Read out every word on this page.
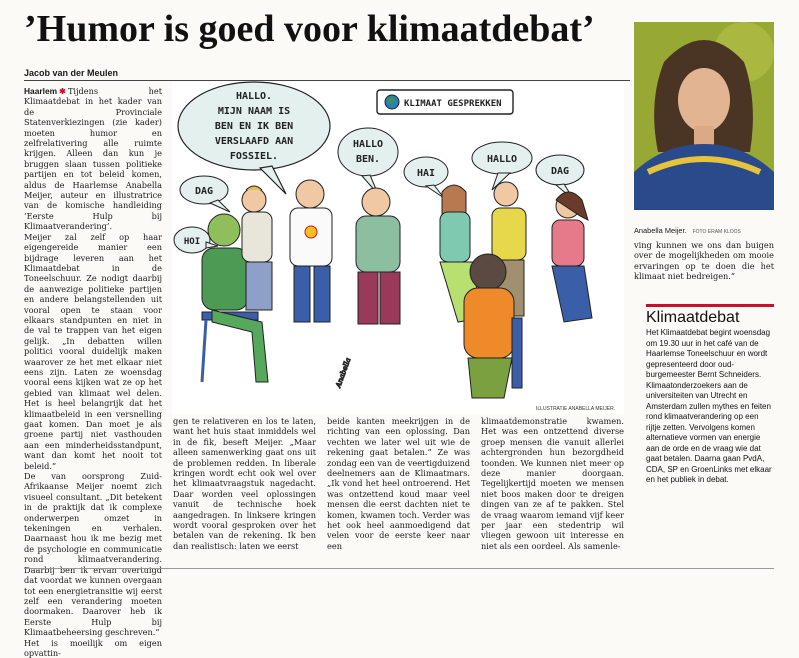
’Humor is goed voor klimaatdebat’
Jacob van der Meulen

Haarlem ✱ Tijdens het Klimaatdebat in het kader van de Provinciale Statenverkiezingen (zie kader) moeten humor en zelfrelativering alle ruimte krijgen. Alleen dan kun je bruggen slaan tussen politieke partijen en tot beleid komen, aldus de Haarlemse Anabella Meijer, auteur en illustratrice van de komische handleiding ’Eerste Hulp bij Klimaatverandering’.

Meijer zal zelf op haar eigengereide manier een bijdrage leveren aan het Klimaatdebat in de Toneelschuur. Ze nodigt daarbij de aanwezige politieke partijen en andere belangstellenden uit vooral open te staan voor elkaars standpunten en niet in de val te trappen van het eigen gelijk. „In debatten willen politici vooral duidelijk maken waarover ze het met elkaar niet eens zijn. Laten ze woensdag vooral eens kijken wat ze op het gebied van klimaat wel delen. Het is heel belangrijk dat het klimaatbeleid in een versnelling gaat komen. Dan moet je als groene partij niet vasthouden aan een minderheidsstandpunt, want dan komt het nooit tot beleid.”

De van oorsprong Zuid-Afrikaanse Meijer noemt zich visueel consultant. „Dit betekent in de praktijk dat ik complexe onderwerpen omzet in tekeningen en verhalen. Daarnaast hou ik me bezig met de psychologie en communicatie rond klimaatverandering. Daarbij ben ik ervan overtuigd dat voordat we kunnen overgaan tot een energietransitie wij eerst zelf een verandering moeten doormaken. Daarover heb ik Eerste Hulp bij Klimaatbeheersing geschreven.”

Het is moeilijk om eigen opvattin-

KLIMAAT GESPREKKEN
HALLO.
MIJN NAAM IS
BEN EN IK BEN
VERSLAAFD AAN
FOSSIEL.
HALLO
BEN.
HAI
HALLO
DAG
DAG
HOI
Anabella
ILLUSTRATIE ANABELLA MEIJER.

gen te relativeren en los te laten, want het huis staat inmiddels wel in de fik, beseft Meijer. „Maar alleen samenwerking gaat ons uit de problemen redden. In liberale kringen wordt echt ook wel over het klimaatvraagstuk nagedacht. Daar worden veel oplossingen vanuit de technische hoek aangedragen. In linksere kringen wordt vooral gesproken over het betalen van de rekening. Ik ben dan realistisch: laten we eerst

beide kanten meekrijgen in de richting van een oplossing. Dan vechten we later wel uit wie de rekening gaat betalen.” Ze was zondag een van de veertigduizend deelnemers aan de Klimaatmars. „Ik vond het heel ontroerend. Het was ontzettend koud maar veel mensen die eerst dachten niet te komen, kwamen toch. Verder was het ook heel aanmoedigend dat velen voor de eerste keer naar een

klimaatdemonstratie kwamen. Het was een ontzettend diverse groep mensen die vanuit allerlei achtergronden hun bezorgdheid toonden. We kunnen niet meer op deze manier doorgaan. Tegelijkertijd moeten we mensen niet boos maken door te dreigen dingen van ze af te pakken. Stel de vraag waarom iemand vijf keer per jaar een stedentrip wil vliegen gewoon uit interesse en niet als een oordeel. Als samenle-

Anabella Meijer. FOTO ERAM KLOOS

ving kunnen we ons dan buigen over de mogelijkheden om mooie ervaringen op te doen die het klimaat niet bedreigen.”

Klimaatdebat

Het Klimaatdebat begint woensdag om 19.30 uur in het café van de Haarlemse Toneelschuur en wordt gepresenteerd door oud-burgemeester Bernt Schneiders.

Klimaatonderzoekers aan de universiteiten van Utrecht en Amsterdam zullen mythes en feiten rond klimaatverandering op een rijtje zetten. Vervolgens komen alternatieve vormen van energie aan de orde en de vraag wie dat gaat betalen. Daarna gaan PvdA, CDA, SP en GroenLinks met elkaar en het publiek in debat.
